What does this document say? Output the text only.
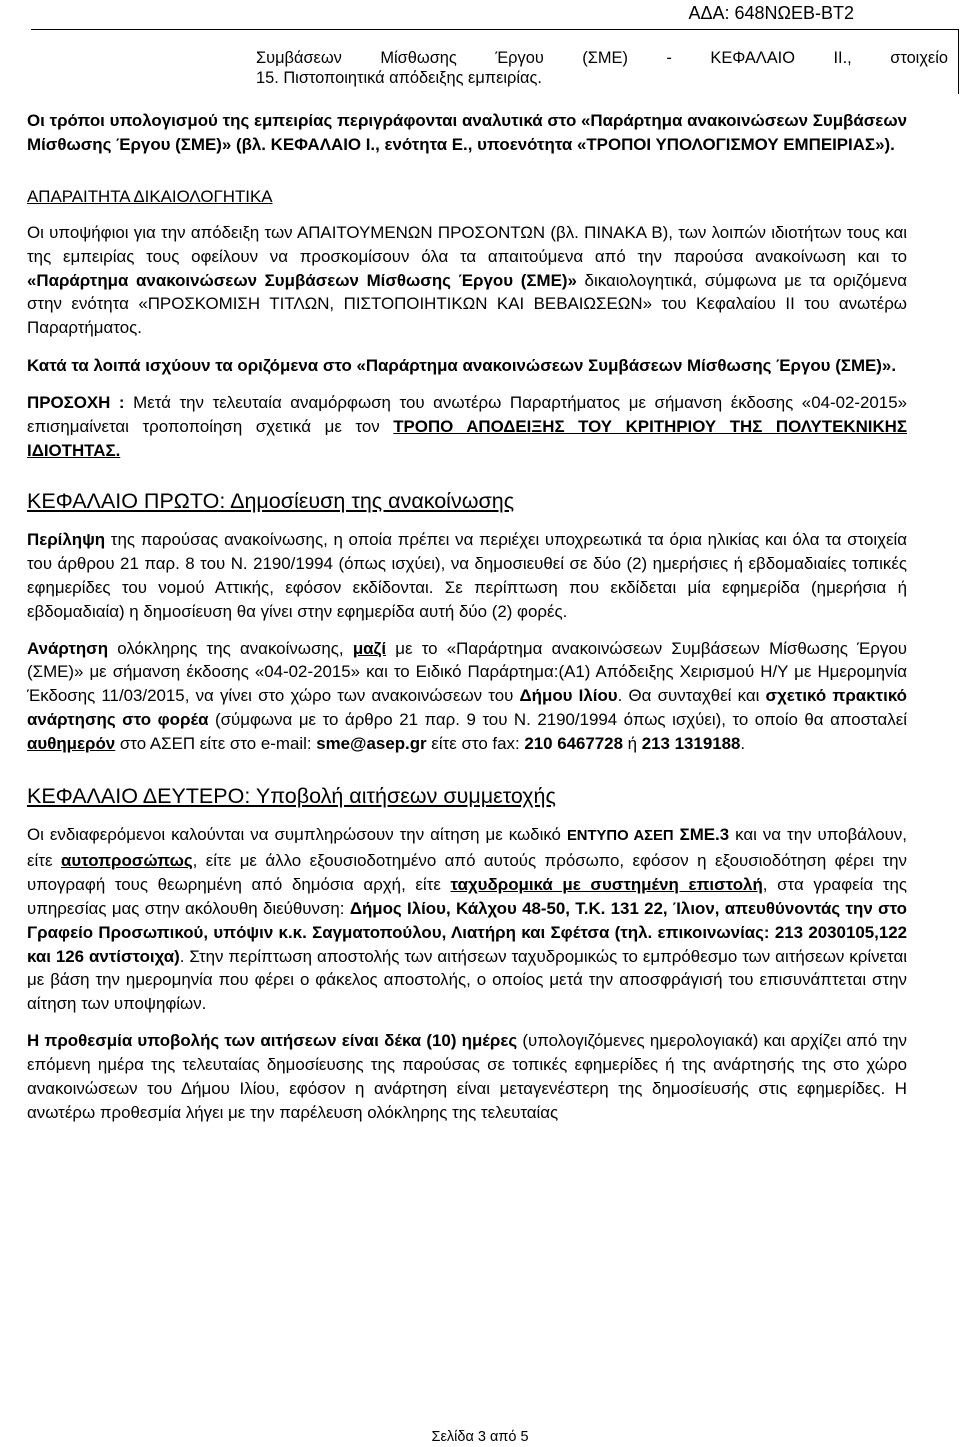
ΑΔΑ: 648ΝΩΕΒ-ΒΤ2
Συμβάσεων Μίσθωσης Έργου (ΣΜΕ) - ΚΕΦΑΛΑΙΟ ΙΙ., στοιχείο
15. Πιστοποιητικά απόδειξης εμπειρίας.

Οι τρόποι υπολογισμού της εμπειρίας περιγράφονται αναλυτικά στο «Παράρτημα ανακοινώσεων Συμβάσεων Μίσθωσης Έργου (ΣΜΕ)» (βλ. ΚΕΦΑΛΑΙΟ Ι., ενότητα Ε., υποενότητα «ΤΡΟΠΟΙ ΥΠΟΛΟΓΙΣΜΟΥ ΕΜΠΕΙΡΙΑΣ»).

ΑΠΑΡΑΙΤΗΤΑ ΔΙΚΑΙΟΛΟΓΗΤΙΚΑ

Οι υποψήφιοι για την απόδειξη των ΑΠΑΙΤΟΥΜΕΝΩΝ ΠΡΟΣΟΝΤΩΝ (βλ. ΠΙΝΑΚΑ Β), των λοιπών ιδιοτήτων τους και της εμπειρίας τους οφείλουν να προσκομίσουν όλα τα απαιτούμενα από την παρούσα ανακοίνωση και το «Παράρτημα ανακοινώσεων Συμβάσεων Μίσθωσης Έργου (ΣΜΕ)» δικαιολογητικά, σύμφωνα με τα οριζόμενα στην ενότητα «ΠΡΟΣΚΟΜΙΣΗ ΤΙΤΛΩΝ, ΠΙΣΤΟΠΟΙΗΤΙΚΩΝ ΚΑΙ ΒΕΒΑΙΩΣΕΩΝ» του Κεφαλαίου ΙΙ του ανωτέρω Παραρτήματος.

Κατά τα λοιπά ισχύουν τα οριζόμενα στο «Παράρτημα ανακοινώσεων Συμβάσεων Μίσθωσης Έργου (ΣΜΕ)».

ΠΡΟΣΟΧΗ : Μετά την τελευταία αναμόρφωση του ανωτέρω Παραρτήματος με σήμανση έκδοσης «04-02-2015» επισημαίνεται τροποποίηση σχετικά με τον ΤΡΟΠΟ ΑΠΟΔΕΙΞΗΣ ΤΟΥ ΚΡΙΤΗΡΙΟΥ ΤΗΣ ΠΟΛΥΤΕΚΝΙΚΗΣ ΙΔΙΟΤΗΤΑΣ.

ΚΕΦΑΛΑΙΟ ΠΡΩΤΟ: Δημοσίευση της ανακοίνωσης

Περίληψη της παρούσας ανακοίνωσης, η οποία πρέπει να περιέχει υποχρεωτικά τα όρια ηλικίας και όλα τα στοιχεία του άρθρου 21 παρ. 8 του Ν. 2190/1994 (όπως ισχύει), να δημοσιευθεί σε δύο (2) ημερήσιες ή εβδομαδιαίες τοπικές εφημερίδες του νομού Αττικής, εφόσον εκδίδονται. Σε περίπτωση που εκδίδεται μία εφημερίδα (ημερήσια ή εβδομαδιαία) η δημοσίευση θα γίνει στην εφημερίδα αυτή δύο (2) φορές.

Ανάρτηση ολόκληρης της ανακοίνωσης, μαζί με το «Παράρτημα ανακοινώσεων Συμβάσεων Μίσθωσης Έργου (ΣΜΕ)» με σήμανση έκδοσης «04-02-2015» και το Ειδικό Παράρτημα:(Α1) Απόδειξης Χειρισμού Η/Υ με Ημερομηνία Έκδοσης 11/03/2015, να γίνει στο χώρο των ανακοινώσεων του Δήμου Ιλίου. Θα συνταχθεί και σχετικό πρακτικό ανάρτησης στο φορέα (σύμφωνα με το άρθρο 21 παρ. 9 του Ν. 2190/1994 όπως ισχύει), το οποίο θα αποσταλεί αυθημερόν στο ΑΣΕΠ είτε στο e-mail: sme@asep.gr είτε στο fax: 210 6467728 ή 213 1319188.

ΚΕΦΑΛΑΙΟ ΔΕΥΤΕΡΟ: Υποβολή αιτήσεων συμμετοχής

Οι ενδιαφερόμενοι καλούνται να συμπληρώσουν την αίτηση με κωδικό ΕΝΤΥΠΟ ΑΣΕΠ ΣΜΕ.3 και να την υποβάλουν, είτε αυτοπροσώπως, είτε με άλλο εξουσιοδοτημένο από αυτούς πρόσωπο, εφόσον η εξουσιοδότηση φέρει την υπογραφή τους θεωρημένη από δημόσια αρχή, είτε ταχυδρομικά με συστημένη επιστολή, στα γραφεία της υπηρεσίας μας στην ακόλουθη διεύθυνση: Δήμος Ιλίου, Κάλχου 48-50, Τ.Κ. 131 22, Ίλιον, απευθύνοντάς την στο Γραφείο Προσωπικού, υπόψιν κ.κ. Σαγματοπούλου, Λιατήρη και Σφέτσα (τηλ. επικοινωνίας: 213 2030105,122 και 126 αντίστοιχα). Στην περίπτωση αποστολής των αιτήσεων ταχυδρομικώς το εμπρόθεσμο των αιτήσεων κρίνεται με βάση την ημερομηνία που φέρει ο φάκελος αποστολής, ο οποίος μετά την αποσφράγισή του επισυνάπτεται στην αίτηση των υποψηφίων.

Η προθεσμία υποβολής των αιτήσεων είναι δέκα (10) ημέρες (υπολογιζόμενες ημερολογιακά) και αρχίζει από την επόμενη ημέρα της τελευταίας δημοσίευσης της παρούσας σε τοπικές εφημερίδες ή της ανάρτησής της στο χώρο ανακοινώσεων του Δήμου Ιλίου, εφόσον η ανάρτηση είναι μεταγενέστερη της δημοσίευσής στις εφημερίδες. Η ανωτέρω προθεσμία λήγει με την παρέλευση ολόκληρης της τελευταίας

Σελίδα 3 από 5
